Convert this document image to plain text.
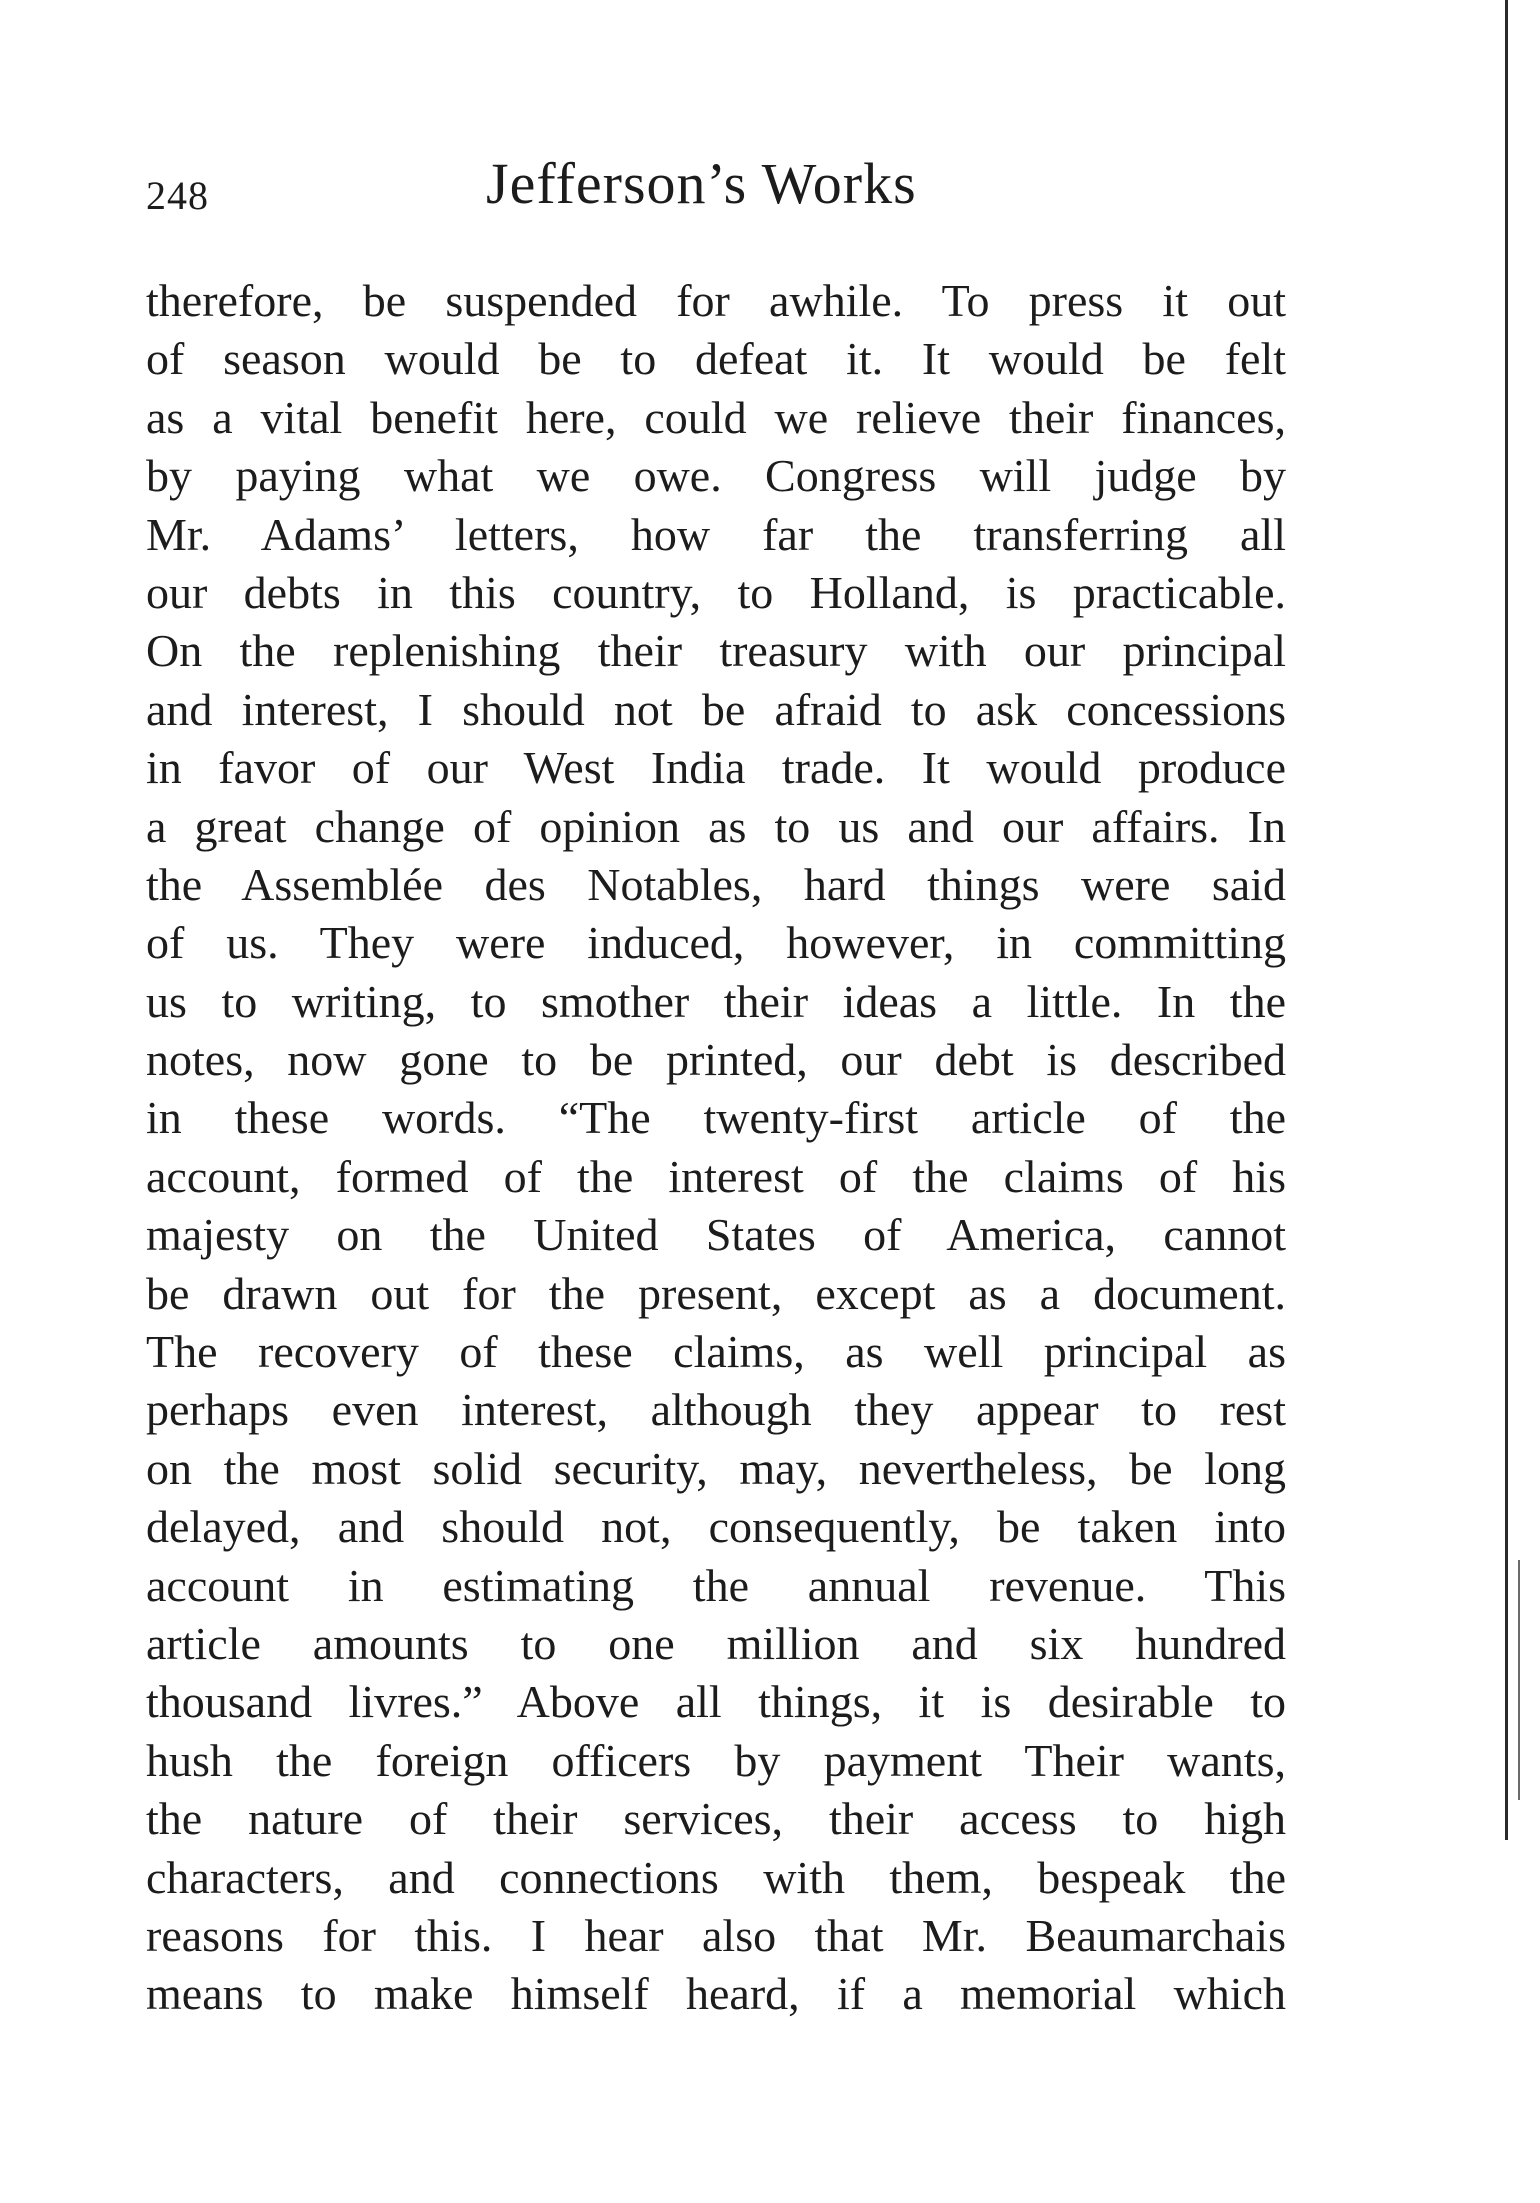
248	Jefferson’s Works
therefore, be suspended for awhile. To press it out
of season would be to defeat it. It would be felt
as a vital benefit here, could we relieve their finances,
by paying what we owe. Congress will judge by
Mr. Adams’ letters, how far the transferring all
our debts in this country, to Holland, is practicable.
On the replenishing their treasury with our principal
and interest, I should not be afraid to ask concessions
in favor of our West India trade. It would produce
a great change of opinion as to us and our affairs. In
the Assemblée des Notables, hard things were said
of us. They were induced, however, in committing
us to writing, to smother their ideas a little. In the
notes, now gone to be printed, our debt is described
in these words. “The twenty-first article of the
account, formed of the interest of the claims of his
majesty on the United States of America, cannot
be drawn out for the present, except as a document.
The recovery of these claims, as well principal as
perhaps even interest, although they appear to rest
on the most solid security, may, nevertheless, be long
delayed, and should not, consequently, be taken into
account in estimating the annual revenue. This
article amounts to one million and six hundred
thousand livres.” Above all things, it is desirable to
hush the foreign officers by payment Their wants,
the nature of their services, their access to high
characters, and connections with them, bespeak the
reasons for this. I hear also that Mr. Beaumarchais
means to make himself heard, if a memorial which
